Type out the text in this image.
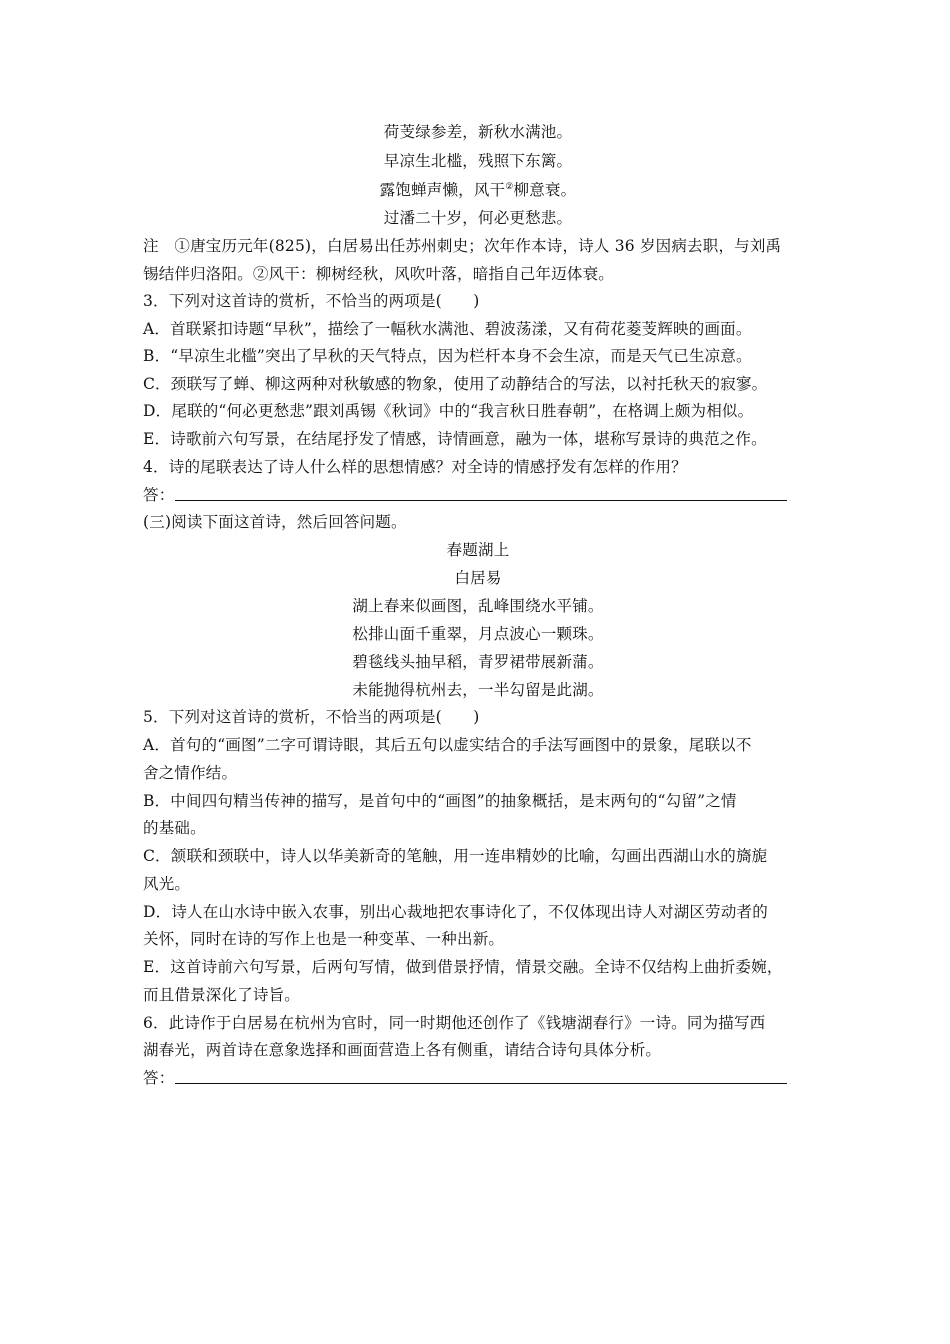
荷芰绿参差，新秋水满池。
早凉生北槛，残照下东篱。
露饱蝉声懒，风干②柳意衰。
过潘二十岁，何必更愁悲。
注　①唐宝历元年(825)，白居易出任苏州刺史；次年作本诗，诗人 36 岁因病去职，与刘禹
锡结伴归洛阳。②风干：柳树经秋，风吹叶落，暗指自己年迈体衰。
3．下列对这首诗的赏析，不恰当的两项是(　　)
A．首联紧扣诗题“早秋”，描绘了一幅秋水满池、碧波荡漾，又有荷花菱芰辉映的画面。
B．“早凉生北槛”突出了早秋的天气特点，因为栏杆本身不会生凉，而是天气已生凉意。
C．颈联写了蝉、柳这两种对秋敏感的物象，使用了动静结合的写法，以衬托秋天的寂寥。
D．尾联的“何必更愁悲”跟刘禹锡《秋词》中的“我言秋日胜春朝”，在格调上颇为相似。
E．诗歌前六句写景，在结尾抒发了情感，诗情画意，融为一体，堪称写景诗的典范之作。
4．诗的尾联表达了诗人什么样的思想情感？对全诗的情感抒发有怎样的作用？
答：
(三)阅读下面这首诗，然后回答问题。
春题湖上
白居易
湖上春来似画图，乱峰围绕水平铺。
松排山面千重翠，月点波心一颗珠。
碧毯线头抽早稻，青罗裙带展新蒲。
未能抛得杭州去，一半勾留是此湖。
5．下列对这首诗的赏析，不恰当的两项是(　　)
A．首句的“画图”二字可谓诗眼，其后五句以虚实结合的手法写画图中的景象，尾联以不
舍之情作结。
B．中间四句精当传神的描写，是首句中的“画图”的抽象概括，是末两句的“勾留”之情
的基础。
C．颔联和颈联中，诗人以华美新奇的笔触，用一连串精妙的比喻，勾画出西湖山水的旖旎
风光。
D．诗人在山水诗中嵌入农事，别出心裁地把农事诗化了，不仅体现出诗人对湖区劳动者的
关怀，同时在诗的写作上也是一种变革、一种出新。
E．这首诗前六句写景，后两句写情，做到借景抒情，情景交融。全诗不仅结构上曲折委婉，
而且借景深化了诗旨。
6．此诗作于白居易在杭州为官时，同一时期他还创作了《钱塘湖春行》一诗。同为描写西
湖春光，两首诗在意象选择和画面营造上各有侧重，请结合诗句具体分析。
答：
